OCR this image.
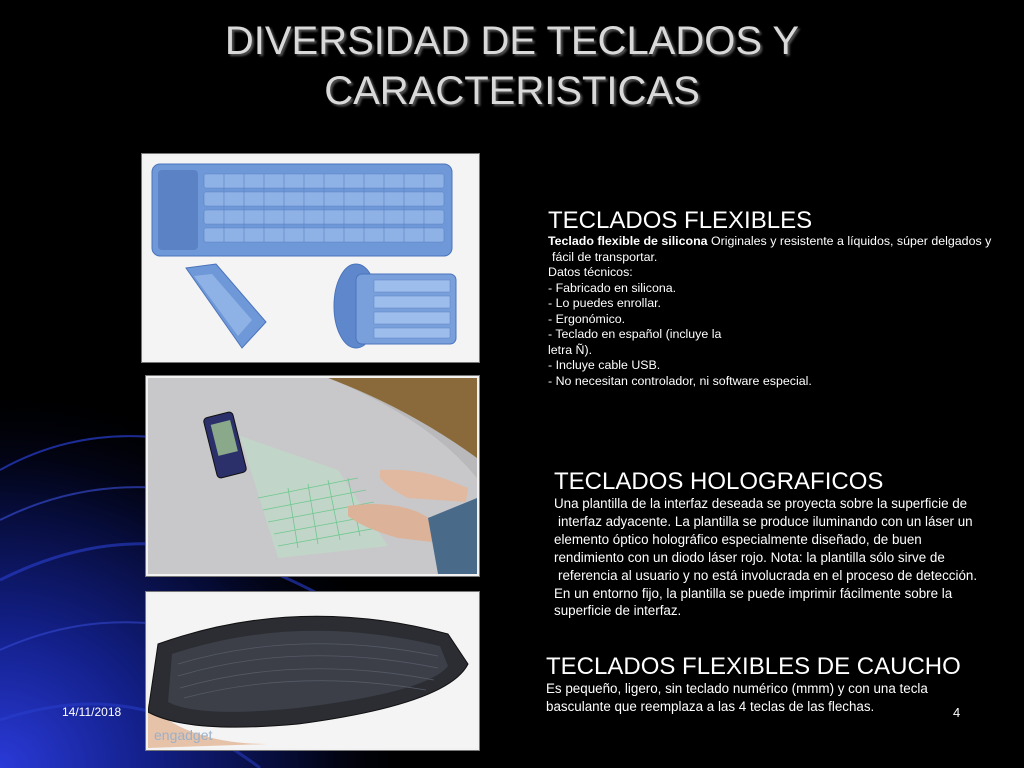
DIVERSIDAD DE TECLADOS Y
CARACTERISTICAS
engadget
TECLADOS FLEXIBLES
Teclado flexible de silicona Originales y resistente a líquidos, súper delgados y
fácil de transportar.
Datos técnicos:
- Fabricado en silicona.
- Lo puedes enrollar.
- Ergonómico.
- Teclado en español (incluye la
letra Ñ).
- Incluye cable USB.
- No necesitan controlador, ni software especial.
TECLADOS HOLOGRAFICOS
Una plantilla de la interfaz deseada se proyecta sobre la superficie de
interfaz adyacente. La plantilla se produce iluminando con un láser un
elemento óptico holográfico especialmente diseñado, de buen
rendimiento con un diodo láser rojo. Nota: la plantilla sólo sirve de
referencia al usuario y no está involucrada en el proceso de detección.
En un entorno fijo, la plantilla se puede imprimir fácilmente sobre la
superficie de interfaz.
TECLADOS FLEXIBLES DE CAUCHO
Es pequeño, ligero, sin teclado numérico (mmm) y con una tecla
basculante que reemplaza a las 4 teclas de las flechas.
14/11/2018	4
